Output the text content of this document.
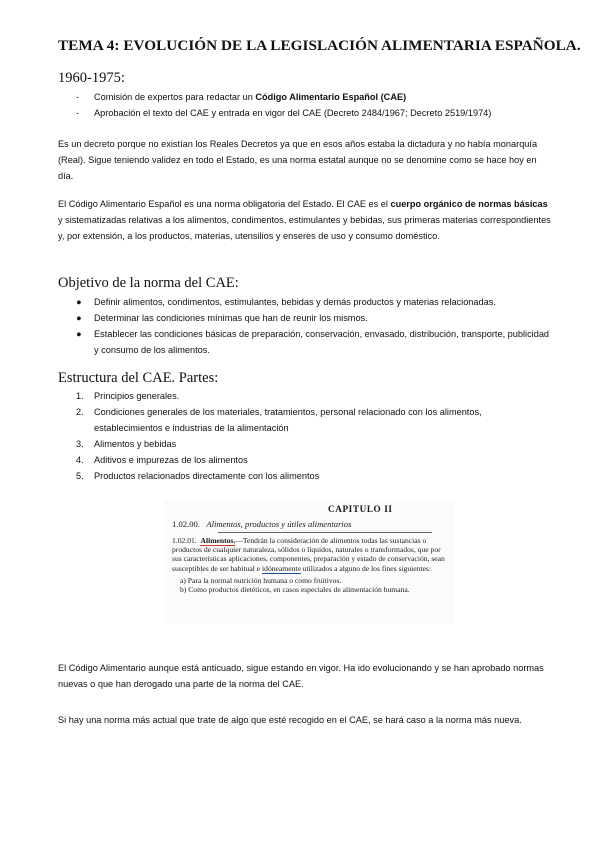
TEMA 4: EVOLUCIÓN DE LA LEGISLACIÓN ALIMENTARIA ESPAÑOLA.
1960-1975:
- Comisión de expertos para redactar un Código Alimentario Español (CAE)
- Aprobación el texto del CAE y entrada en vigor del CAE (Decreto 2484/1967; Decreto 2519/1974)

Es un decreto porque no existían los Reales Decretos ya que en esos años estaba la dictadura y no había monarquía (Real). Sigue teniendo validez en todo el Estado, es una norma estatal aunque no se denomine como se hace hoy en día.

El Código Alimentario Español es una norma obligatoria del Estado. El CAE es el cuerpo orgánico de normas básicas y sistematizadas relativas a los alimentos, condimentos, estimulantes y bebidas, sus primeras materias correspondientes y, por extensión, a los productos, materias, utensilios y enseres de uso y consumo doméstico.

Objetivo de la norma del CAE:
● Definir alimentos, condimentos, estimulantes, bebidas y demás productos y materias relacionadas.
● Determinar las condiciones mínimas que han de reunir los mismos.
● Establecer las condiciones básicas de preparación, conservación, envasado, distribución, transporte, publicidad y consumo de los alimentos.
Estructura del CAE. Partes:
1. Principios generales.
2. Condiciones generales de los materiales, tratamientos, personal relacionado con los alimentos, establecimientos e industrias de la alimentación
3. Alimentos y bebidas
4. Aditivos e impurezas de los alimentos
5. Productos relacionados directamente con los alimentos
CAPITULO II
1.02.00. Alimentos, productos y útiles alimentarios
1.02.01. Alimentos.—Tendrán la consideración de alimentos todas las sustancias o productos de cualquier naturaleza, sólidos o líquidos, naturales o transformados, que por sus características aplicaciones, componentes, preparación y estado de conservación, sean susceptibles de ser habitual e idóneamente utilizados a alguno de los fines siguientes:
a) Para la normal nutrición humana o como fruitivos.
b) Como productos dietéticos, en casos especiales de alimentación humana.

El Código Alimentario aunque está anticuado, sigue estando en vigor. Ha ido evolucionando y se han aprobado normas nuevas o que han derogado una parte de la norma del CAE.

Si hay una norma más actual que trate de algo que esté recogido en el CAE, se hará caso a la norma más nueva.
